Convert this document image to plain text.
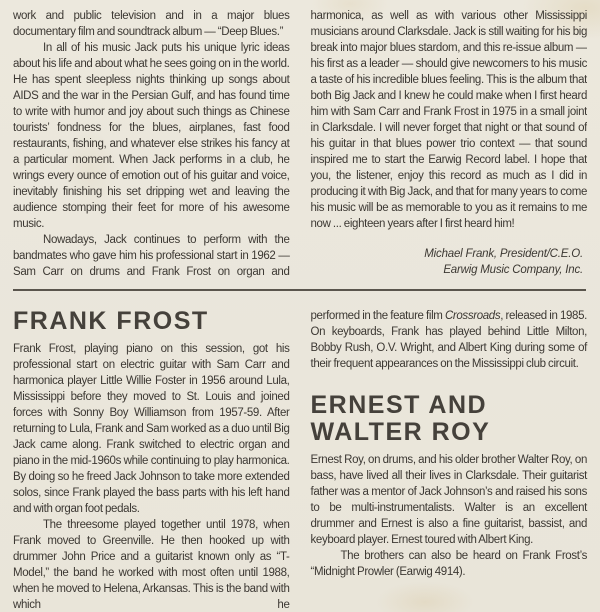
work and public television and in a major blues documentary film and soundtrack album — “Deep Blues.”

In all of his music Jack puts his unique lyric ideas about his life and about what he sees going on in the world. He has spent sleepless nights thinking up songs about AIDS and the war in the Persian Gulf, and has found time to write with humor and joy about such things as Chinese tourists’ fondness for the blues, airplanes, fast food restaurants, fishing, and whatever else strikes his fancy at a particular moment. When Jack performs in a club, he wrings every ounce of emotion out of his guitar and voice, inevitably finishing his set dripping wet and leaving the audience stomping their feet for more of his awesome music.

Nowadays, Jack continues to perform with the bandmates who gave him his professional start in 1962 — Sam Carr on drums and Frank Frost on organ and

harmonica, as well as with various other Mississippi musicians around Clarksdale. Jack is still waiting for his big break into major blues stardom, and this re-issue album — his first as a leader — should give newcomers to his music a taste of his incredible blues feeling. This is the album that both Big Jack and I knew he could make when I first heard him with Sam Carr and Frank Frost in 1975 in a small joint in Clarksdale. I will never forget that night or that sound of his guitar in that blues power trio context — that sound inspired me to start the Earwig Record label. I hope that you, the listener, enjoy this record as much as I did in producing it with Big Jack, and that for many years to come his music will be as memorable to you as it remains to me now ... eighteen years after I first heard him!

Michael Frank, President/C.E.O.

Earwig Music Company, Inc.

FRANK FROST

Frank Frost, playing piano on this session, got his professional start on electric guitar with Sam Carr and harmonica player Little Willie Foster in 1956 around Lula, Mississippi before they moved to St. Louis and joined forces with Sonny Boy Williamson from 1957-59. After returning to Lula, Frank and Sam worked as a duo until Big Jack came along. Frank switched to electric organ and piano in the mid-1960s while continuing to play harmonica. By doing so he freed Jack Johnson to take more extended solos, since Frank played the bass parts with his left hand and with organ foot pedals.

The threesome played together until 1978, when Frank moved to Greenville. He then hooked up with drummer John Price and a guitarist known only as “T-Model,” the band he worked with most often until 1988, when he moved to Helena, Arkansas. This is the band with which he

performed in the feature film Crossroads, released in 1985. On keyboards, Frank has played behind Little Milton, Bobby Rush, O.V. Wright, and Albert King during some of their frequent appearances on the Mississippi club circuit.

ERNEST AND
WALTER ROY

Ernest Roy, on drums, and his older brother Walter Roy, on bass, have lived all their lives in Clarksdale. Their guitarist father was a mentor of Jack Johnson’s and raised his sons to be multi-instrumentalists. Walter is an excellent drummer and Ernest is also a fine guitarist, bassist, and keyboard player. Ernest toured with Albert King.

The brothers can also be heard on Frank Frost’s “Midnight Prowler (Earwig 4914).
